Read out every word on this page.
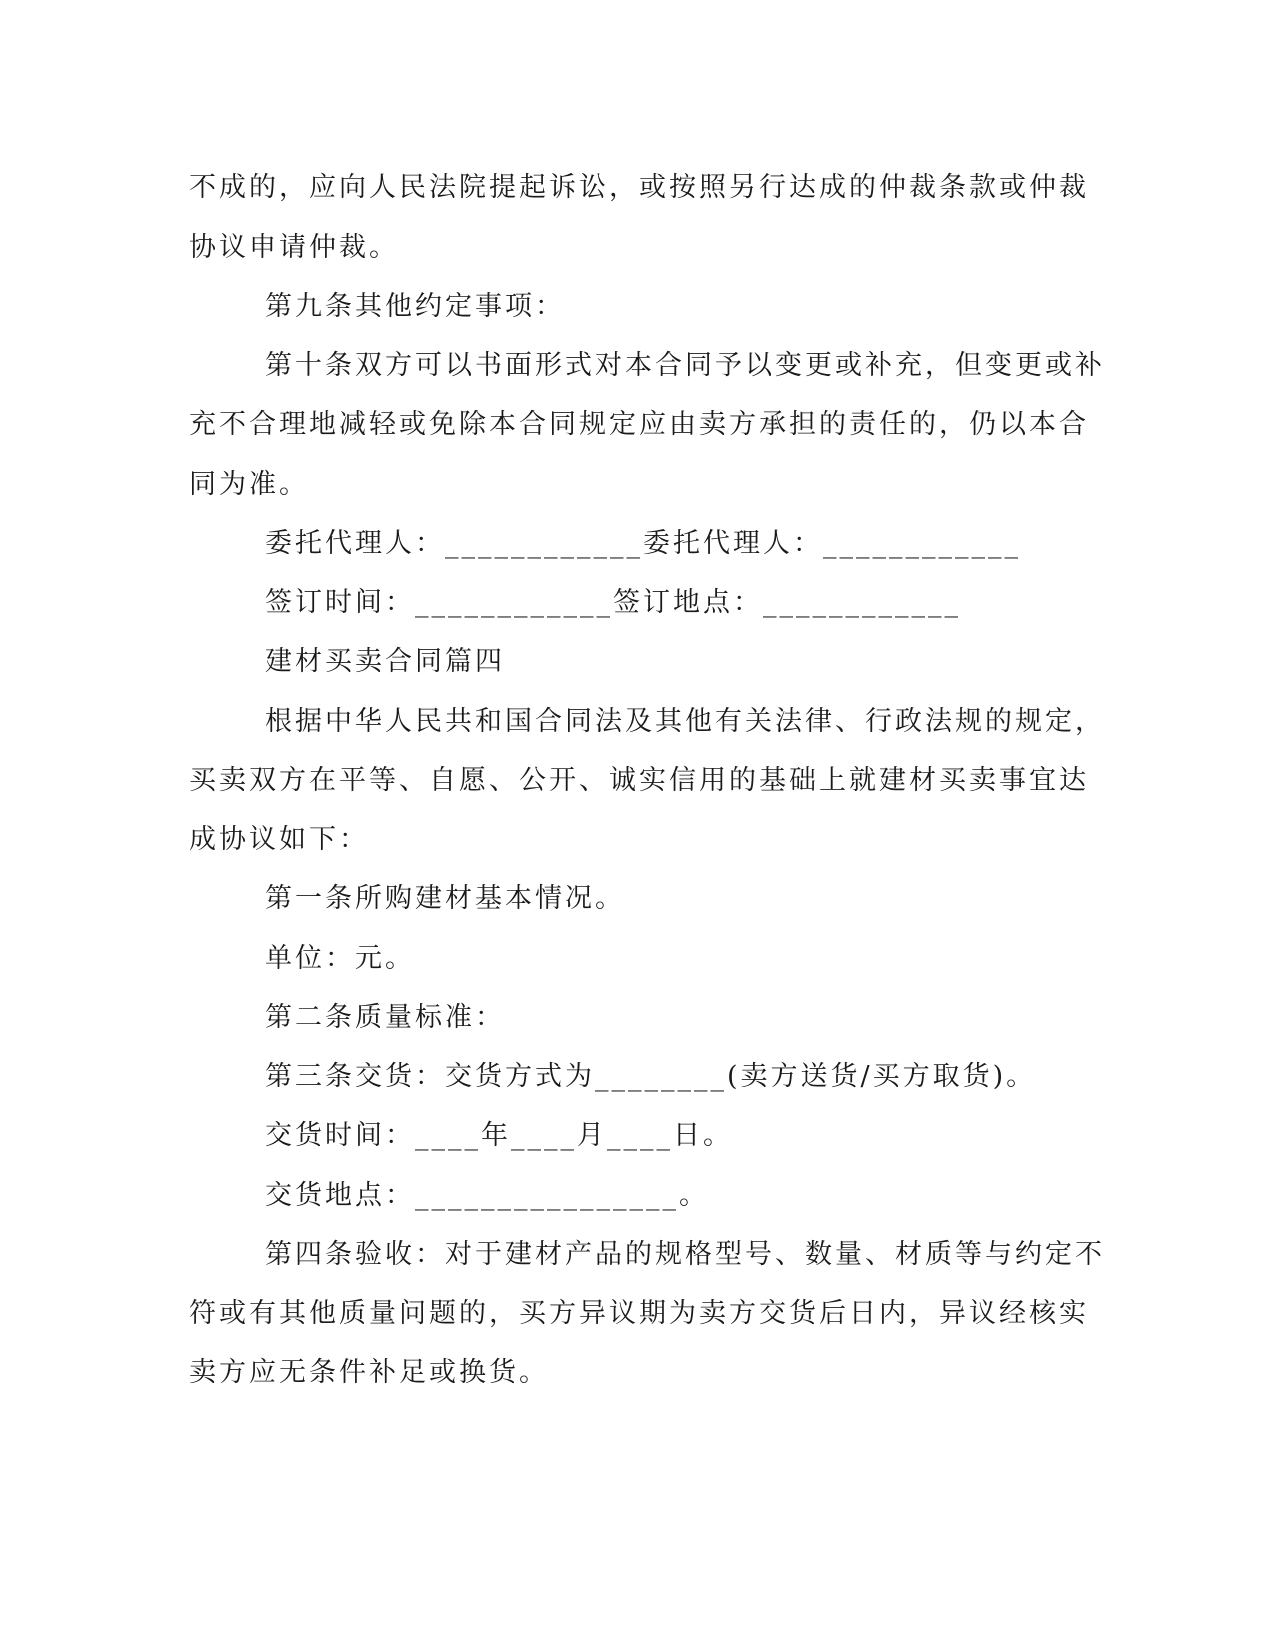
不成的，应向人民法院提起诉讼，或按照另行达成的仲裁条款或仲裁
协议申请仲裁。
第九条其他约定事项：
第十条双方可以书面形式对本合同予以变更或补充，但变更或补
充不合理地减轻或免除本合同规定应由卖方承担的责任的，仍以本合
同为准。
委托代理人：____________委托代理人：____________
签订时间：____________签订地点：____________
建材买卖合同篇四
根据中华人民共和国合同法及其他有关法律、行政法规的规定，
买卖双方在平等、自愿、公开、诚实信用的基础上就建材买卖事宜达
成协议如下：
第一条所购建材基本情况。
单位：元。
第二条质量标准：
第三条交货：交货方式为________(卖方送货/买方取货)。
交货时间：____年____月____日。
交货地点：________________。
第四条验收：对于建材产品的规格型号、数量、材质等与约定不
符或有其他质量问题的，买方异议期为卖方交货后日内，异议经核实
卖方应无条件补足或换货。
